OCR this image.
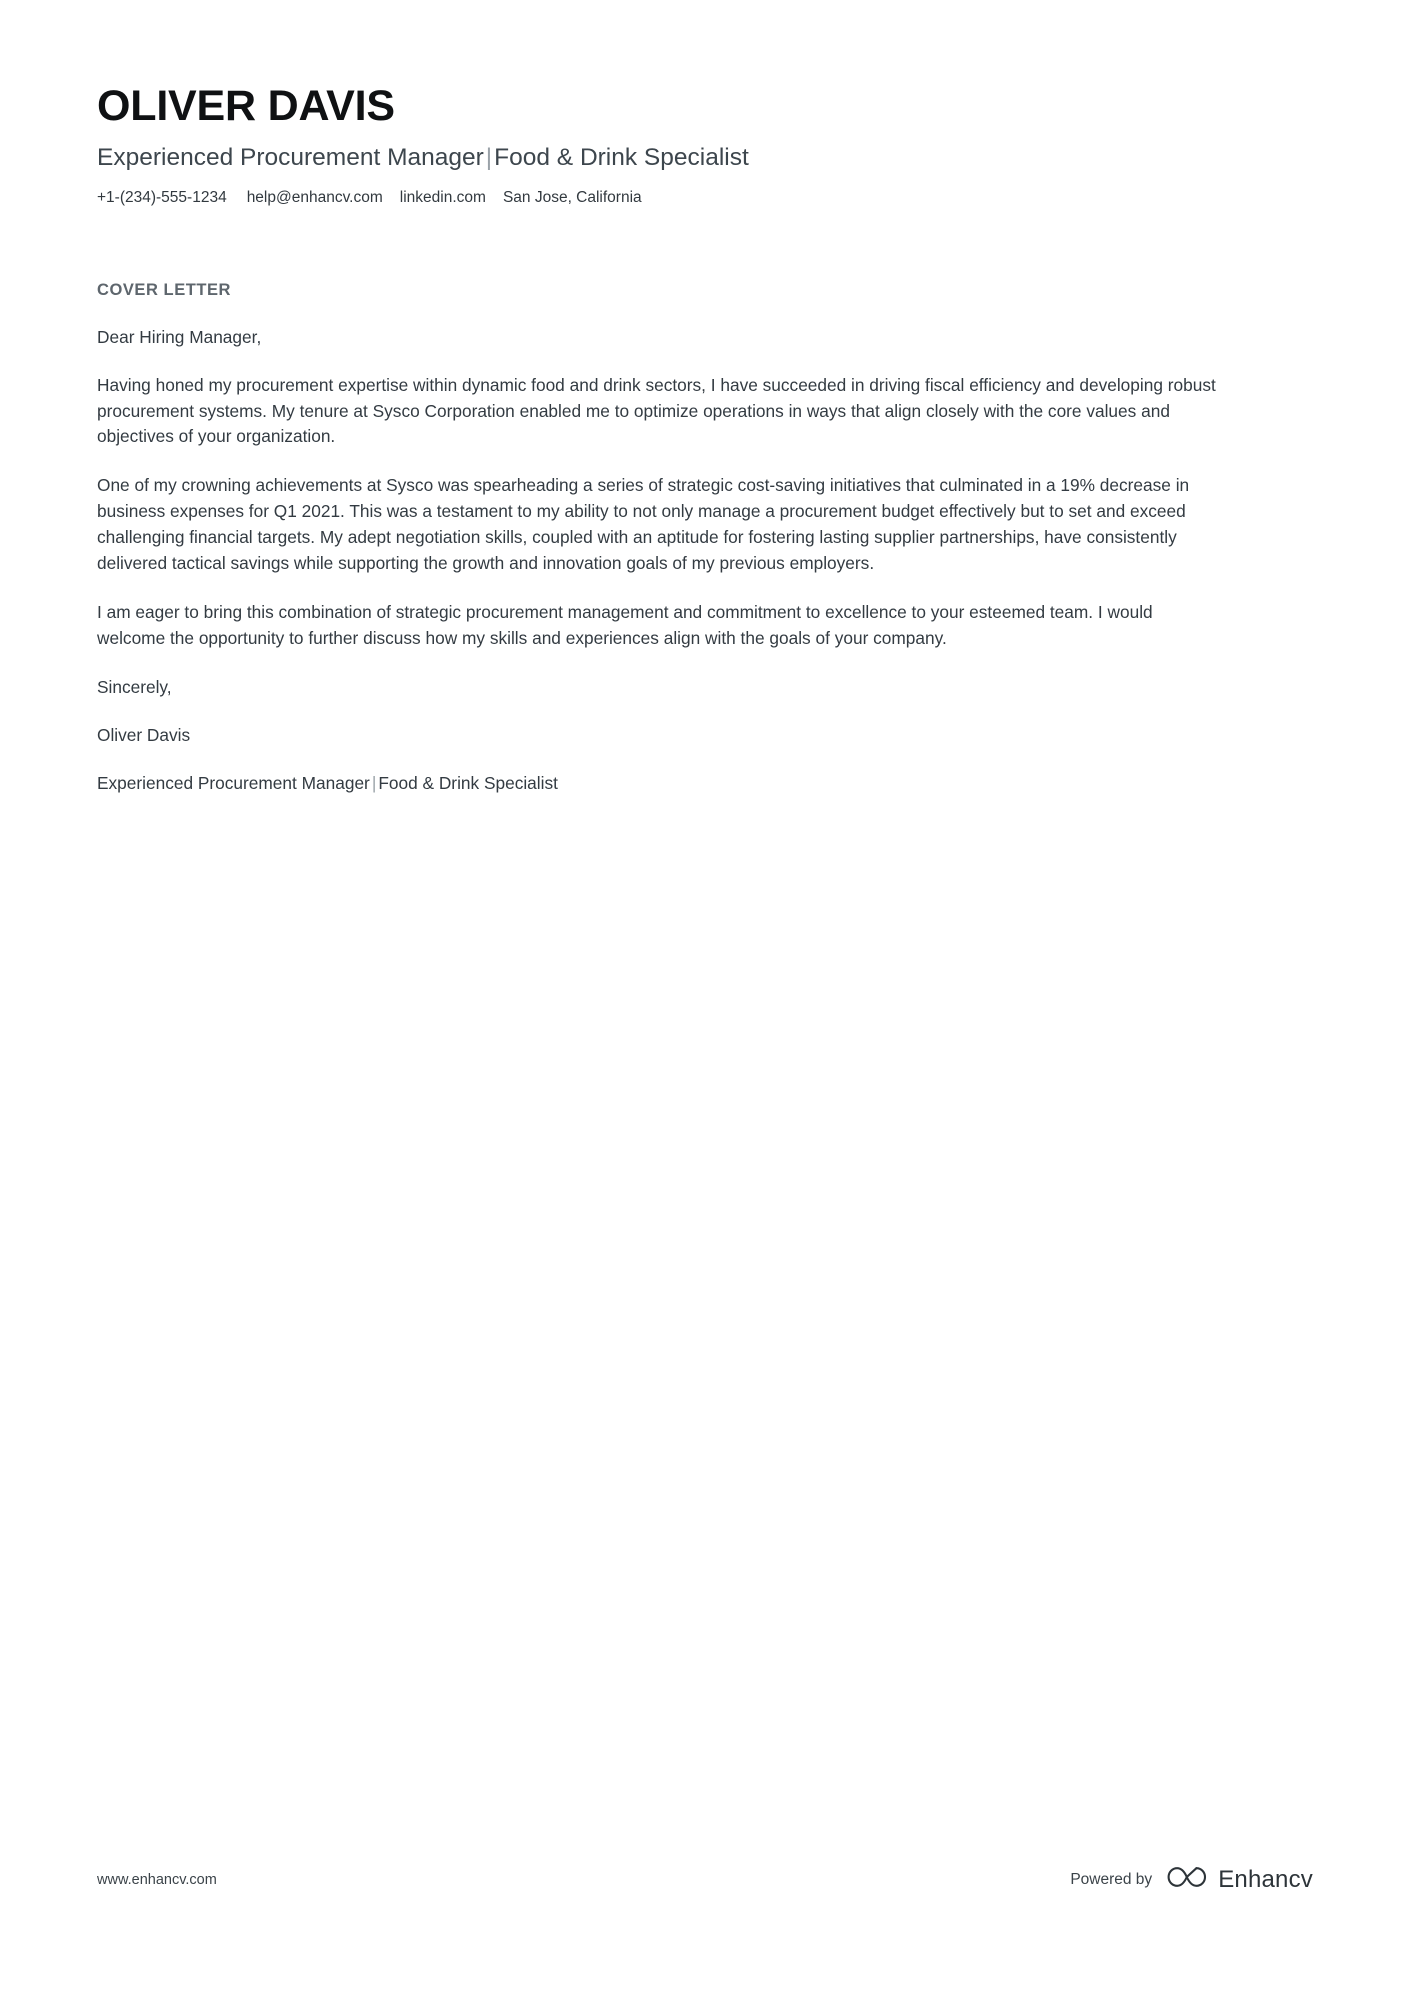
OLIVER DAVIS
Experienced Procurement Manager|Food & Drink Specialist
+1-(234)-555-1234 help@enhancv.com linkedin.com San Jose, California
COVER LETTER

Dear Hiring Manager,

Having honed my procurement expertise within dynamic food and drink sectors, I have succeeded in driving fiscal efficiency and developing robust procurement systems. My tenure at Sysco Corporation enabled me to optimize operations in ways that align closely with the core values and objectives of your organization.

One of my crowning achievements at Sysco was spearheading a series of strategic cost-saving initiatives that culminated in a 19% decrease in business expenses for Q1 2021. This was a testament to my ability to not only manage a procurement budget effectively but to set and exceed challenging financial targets. My adept negotiation skills, coupled with an aptitude for fostering lasting supplier partnerships, have consistently delivered tactical savings while supporting the growth and innovation goals of my previous employers.

I am eager to bring this combination of strategic procurement management and commitment to excellence to your esteemed team. I would welcome the opportunity to further discuss how my skills and experiences align with the goals of your company.

Sincerely,

Oliver Davis

Experienced Procurement Manager | Food & Drink Specialist

www.enhancv.com	Powered by	Enhancv
